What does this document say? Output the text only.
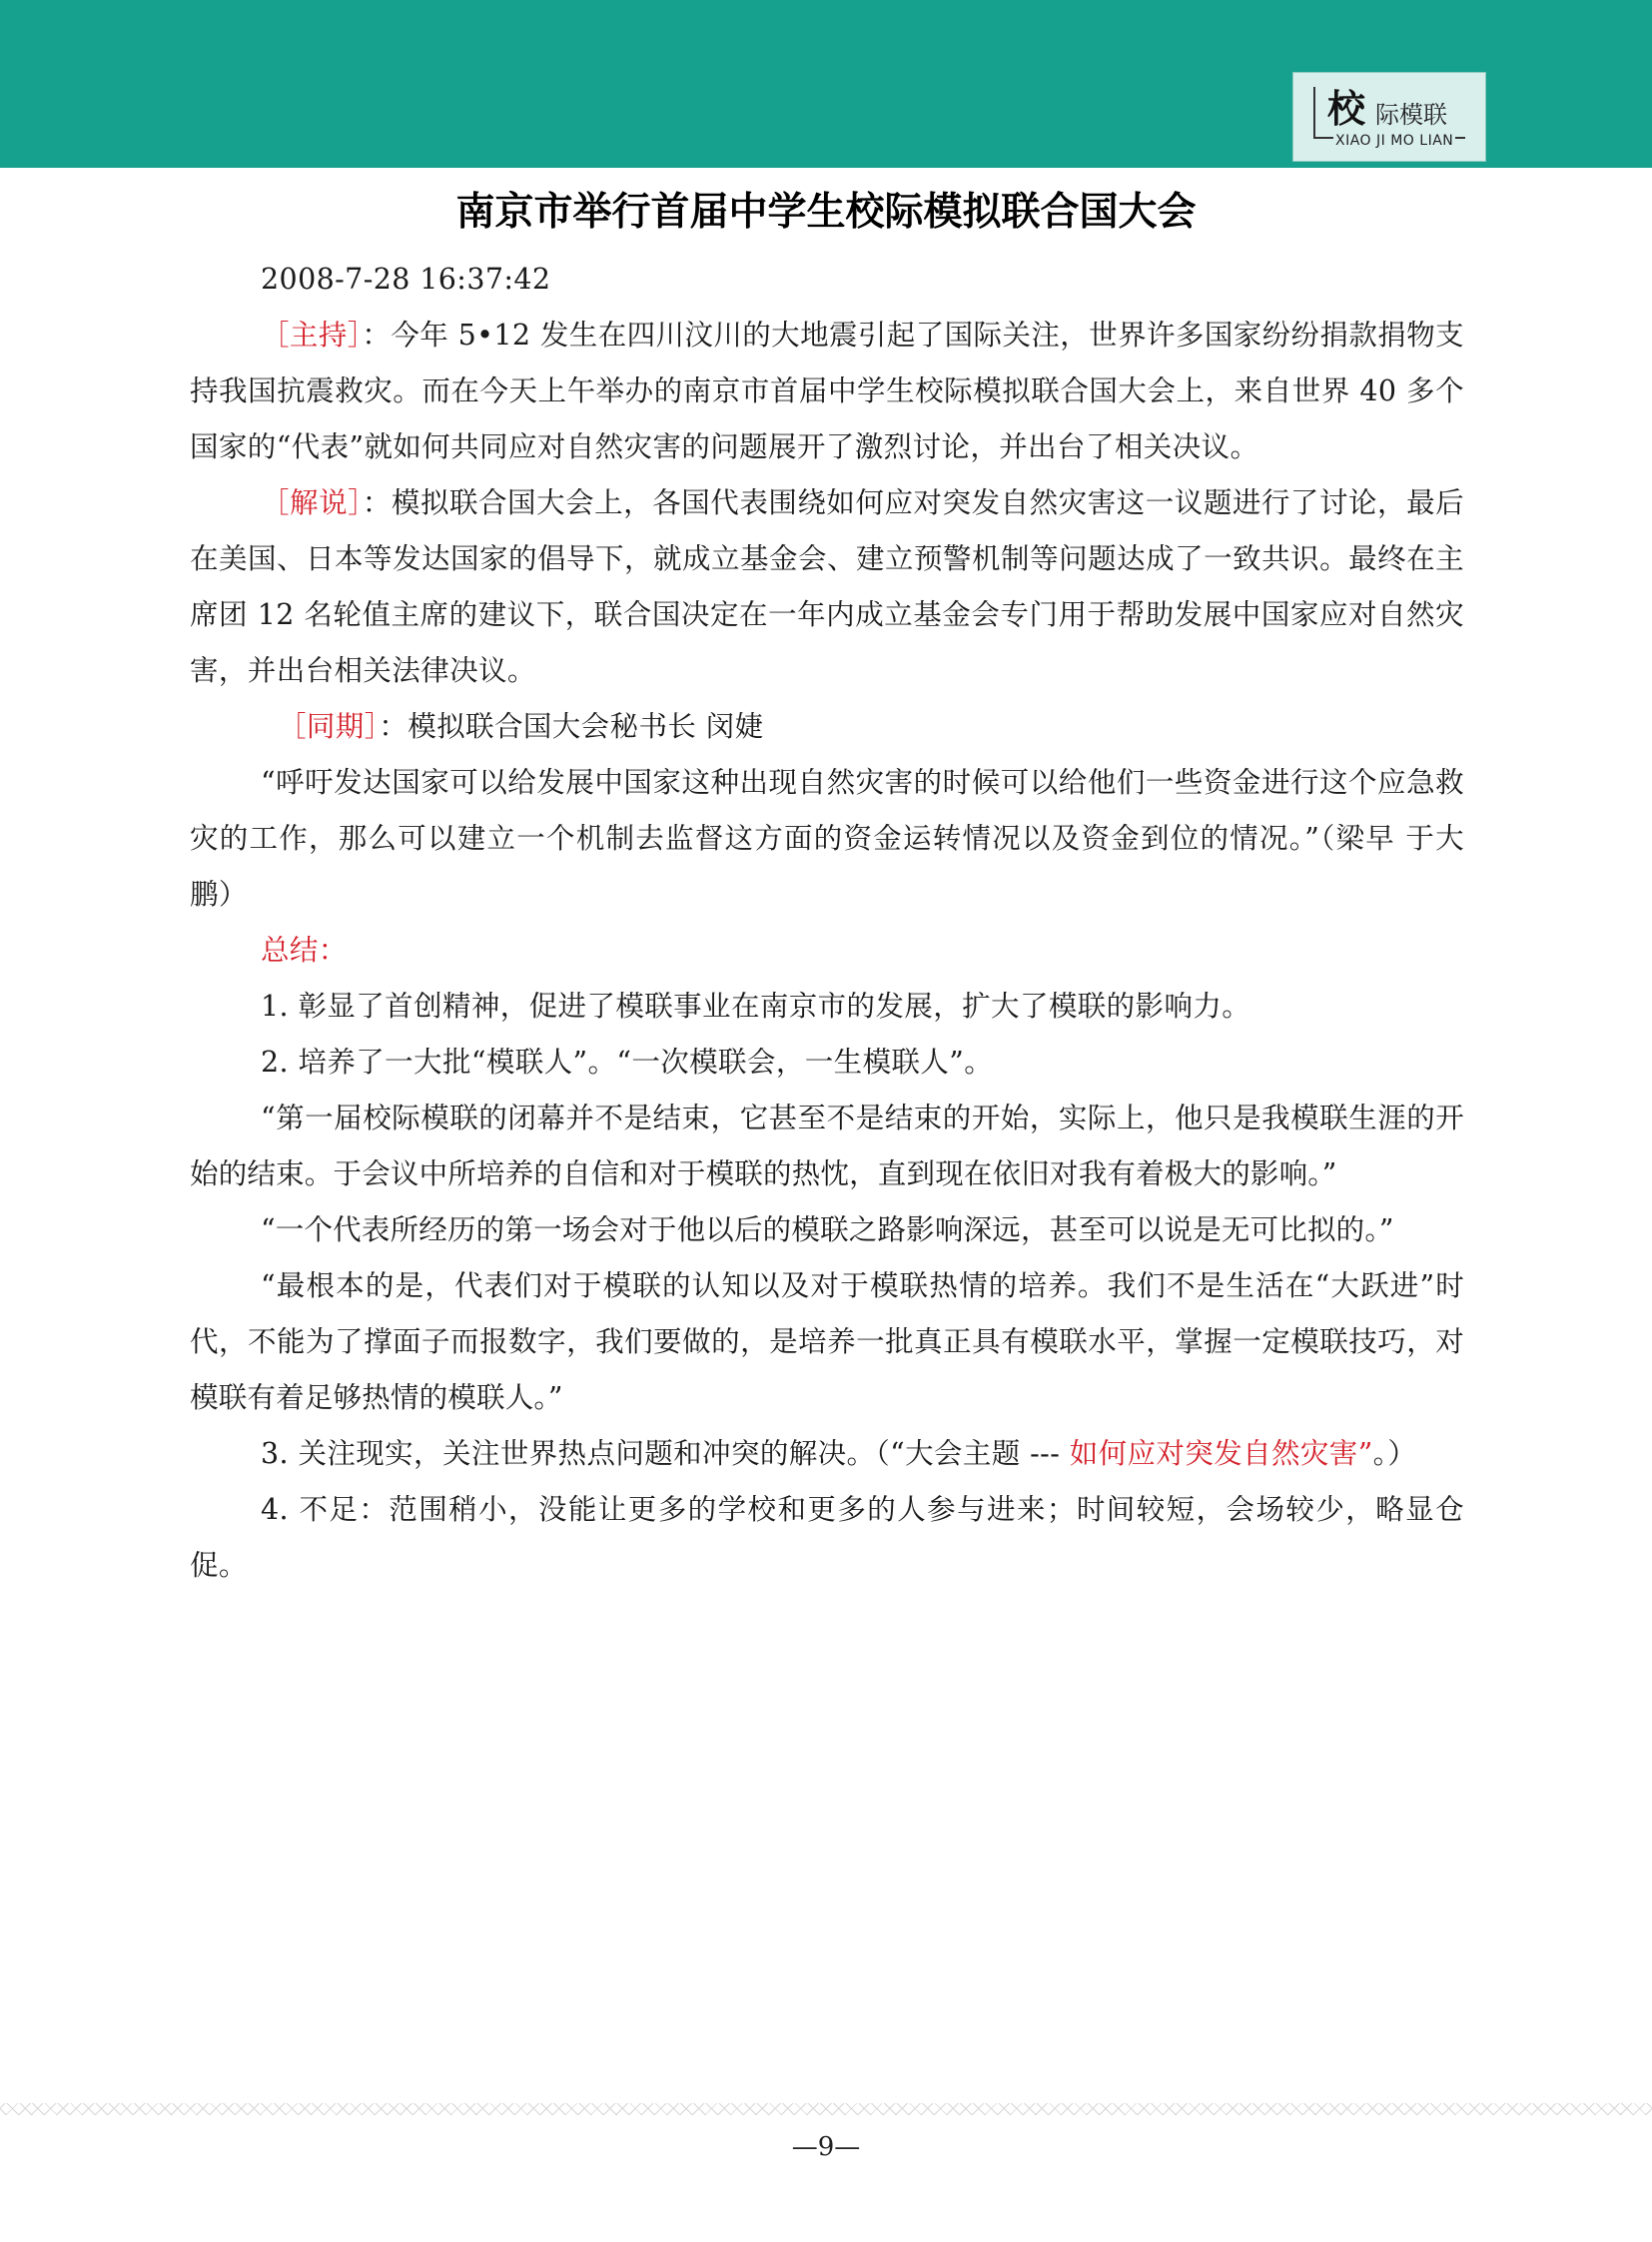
校 际模联
XIAO JI MO LIAN
南京市举行首届中学生校际模拟联合国大会

2008-7-28 16:37:42

［主持］：今年 5•12 发生在四川汶川的大地震引起了国际关注，世界许多国家纷纷捐款捐物支持我国抗震救灾。而在今天上午举办的南京市首届中学生校际模拟联合国大会上，来自世界 40 多个国家的“代表”就如何共同应对自然灾害的问题展开了激烈讨论，并出台了相关决议。

［解说］：模拟联合国大会上，各国代表围绕如何应对突发自然灾害这一议题进行了讨论，最后在美国、日本等发达国家的倡导下，就成立基金会、建立预警机制等问题达成了一致共识。最终在主席团 12 名轮值主席的建议下，联合国决定在一年内成立基金会专门用于帮助发展中国家应对自然灾害，并出台相关法律决议。

［同期］：模拟联合国大会秘书长 闵婕

“呼吁发达国家可以给发展中国家这种出现自然灾害的时候可以给他们一些资金进行这个应急救灾的工作，那么可以建立一个机制去监督这方面的资金运转情况以及资金到位的情况。”（梁早 于大鹏）

总结：

1. 彰显了首创精神，促进了模联事业在南京市的发展，扩大了模联的影响力。

2. 培养了一大批“模联人”。“一次模联会，一生模联人”。

“第一届校际模联的闭幕并不是结束，它甚至不是结束的开始，实际上，他只是我模联生涯的开始的结束。于会议中所培养的自信和对于模联的热忱，直到现在依旧对我有着极大的影响。”

“一个代表所经历的第一场会对于他以后的模联之路影响深远，甚至可以说是无可比拟的。”

“最根本的是，代表们对于模联的认知以及对于模联热情的培养。我们不是生活在“大跃进”时代，不能为了撑面子而报数字，我们要做的，是培养一批真正具有模联水平，掌握一定模联技巧，对模联有着足够热情的模联人。”

3. 关注现实，关注世界热点问题和冲突的解决。（“大会主题 --- 如何应对突发自然灾害”。）

4. 不足：范围稍小，没能让更多的学校和更多的人参与进来；时间较短，会场较少，略显仓促。

—9—
